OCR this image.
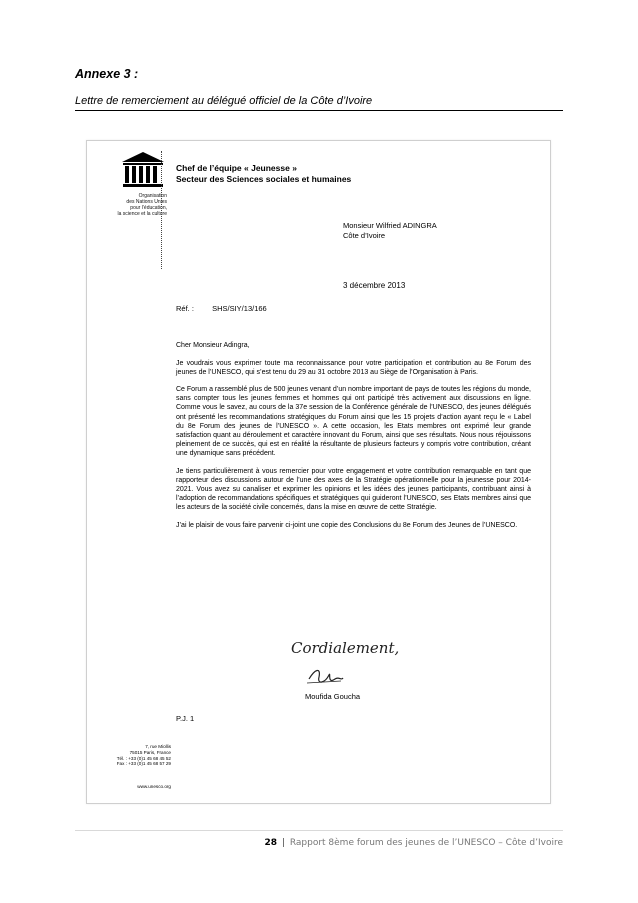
Annexe 3 :
Lettre de remerciement au délégué officiel de la Côte d’Ivoire
Organisation
des Nations Unies
pour l’éducation,
la science et la culture
Chef de l’équipe « Jeunesse »
Secteur des Sciences sociales et humaines
Monsieur Wilfried ADINGRA
Côte d’Ivoire
3 décembre 2013
Réf. : SHS/SIY/13/166

Cher Monsieur Adingra,

Je voudrais vous exprimer toute ma reconnaissance pour votre participation et contribution au 8e Forum des jeunes de l’UNESCO, qui s’est tenu du 29 au 31 octobre 2013 au Siège de l’Organisation à Paris.

Ce Forum a rassemblé plus de 500 jeunes venant d’un nombre important de pays de toutes les régions du monde, sans compter tous les jeunes femmes et hommes qui ont participé très activement aux discussions en ligne. Comme vous le savez, au cours de la 37e session de la Conférence générale de l’UNESCO, des jeunes délégués ont présenté les recommandations stratégiques du Forum ainsi que les 15 projets d’action ayant reçu le « Label du 8e Forum des jeunes de l’UNESCO ». A cette occasion, les Etats membres ont exprimé leur grande satisfaction quant au déroulement et caractère innovant du Forum, ainsi que ses résultats. Nous nous réjouissons pleinement de ce succès, qui est en réalité la résultante de plusieurs facteurs y compris votre contribution, créant une dynamique sans précédent.

Je tiens particulièrement à vous remercier pour votre engagement et votre contribution remarquable en tant que rapporteur des discussions autour de l’une des axes de la Stratégie opérationnelle pour la jeunesse pour 2014-2021. Vous avez su canaliser et exprimer les opinions et les idées des jeunes participants, contribuant ainsi à l’adoption de recommandations spécifiques et stratégiques qui guideront l’UNESCO, ses Etats membres ainsi que les acteurs de la société civile concernés, dans la mise en œuvre de cette Stratégie.

J’ai le plaisir de vous faire parvenir ci-joint une copie des Conclusions du 8e Forum des Jeunes de l’UNESCO.

Cordialement,
Moufida Goucha
P.J. 1
7, rue Miollis
75015 Paris, France
Tél. : +33 (0)1 45 68 45 52
Fax : +33 (0)1 45 68 57 29
www.unesco.org
28 | Rapport 8ème forum des jeunes de l’UNESCO – Côte d’Ivoire
